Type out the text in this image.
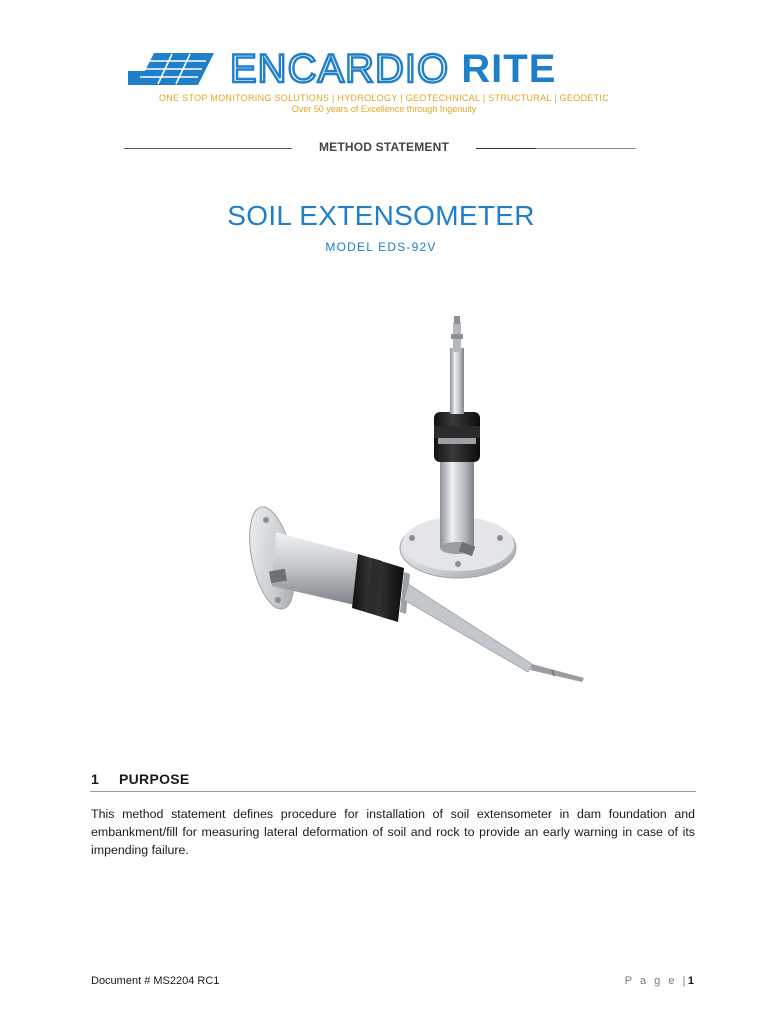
ENCARDIO RITE
ONE STOP MONITORING SOLUTIONS | HYDROLOGY | GEOTECHNICAL | STRUCTURAL | GEODETIC
Over 50 years of Excellence through Ingenuity
METHOD STATEMENT
SOIL EXTENSOMETER
MODEL EDS-92V
1 PURPOSE

This method statement defines procedure for installation of soil extensometer in dam foundation and embankment/fill for measuring lateral deformation of soil and rock to provide an early warning in case of its impending failure.

Document # MS2204 RC1	P a g e |1
